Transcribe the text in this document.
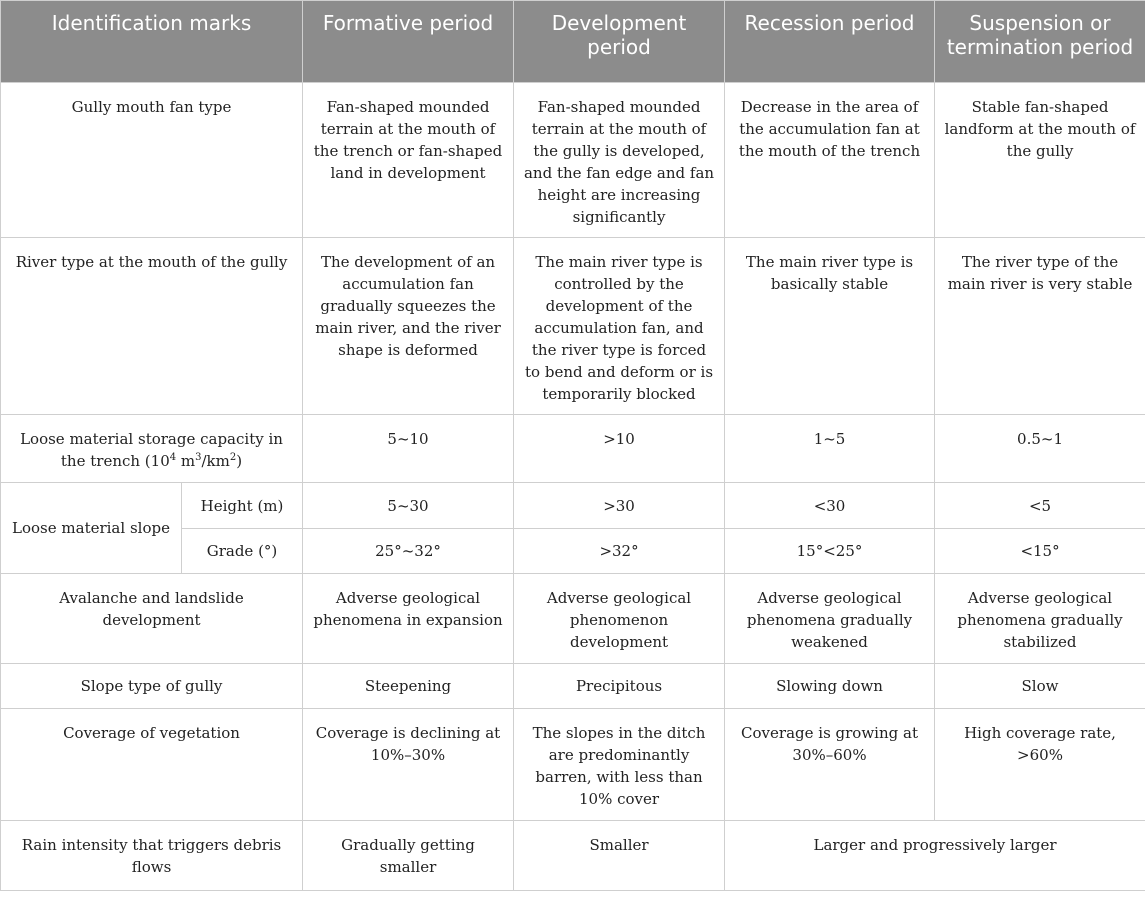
Identification marks		Formative period	Development period	Recession period	Suspension or termination period
Gully mouth fan type		Fan-shaped mounded terrain at the mouth of the trench or fan-shaped land in development	Fan-shaped mounded terrain at the mouth of the gully is developed, and the fan edge and fan height are increasing significantly	Decrease in the area of the accumulation fan at the mouth of the trench	Stable fan-shaped landform at the mouth of the gully
River type at the mouth of the gully		The development of an accumulation fan gradually squeezes the main river, and the river shape is deformed	The main river type is controlled by the development of the accumulation fan, and the river type is forced to bend and deform or is temporarily blocked	The main river type is basically stable	The river type of the main river is very stable
Loose material storage capacity in the trench ($10^4$ $m^3/km^2$)		5~10	>10	1~5	0.5~1
Loose material slope	Height (m)	5~30	>30	<30	<5
	Grade (°)	25°~32°	>32°	15°<25°	<15°
Avalanche and landslide development		Adverse geological phenomena in expansion	Adverse geological phenomenon development	Adverse geological phenomena gradually weakened	Adverse geological phenomena gradually stabilized
Slope type of gully		Steepening	Precipitous	Slowing down	Slow
Coverage of vegetation		Coverage is declining at 10%–30%	The slopes in the ditch are predominantly barren, with less than 10% cover	Coverage is growing at 30%–60%	High coverage rate, >60%
Rain intensity that triggers debris flows		Gradually getting smaller	Smaller	Larger and progressively larger	
